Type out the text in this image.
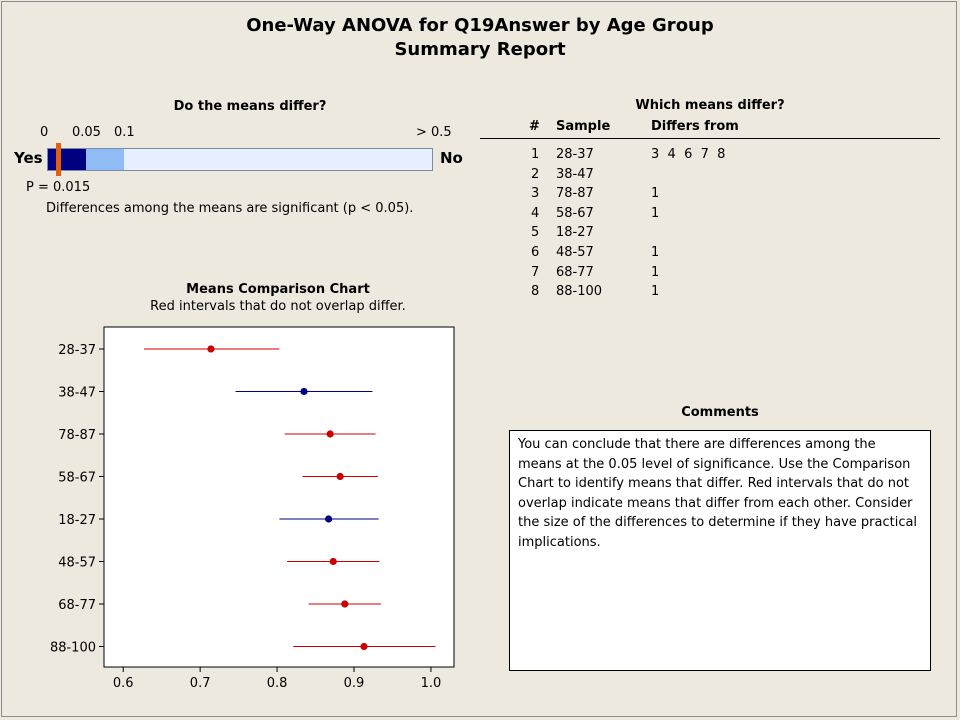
One-Way ANOVA for Q19Answer by Age Group
Summary Report
Do the means differ?
0 0.05 0.1	> 0.5
Yes	No
P = 0.015
Differences among the means are significant (p < 0.05).
Which means differ?
# Sample	Differs from
1 28-37	3  4  6  7  8
2 38-47
3 78-87	1
4 58-67	1
5 18-27
6 48-57	1
7 68-77	1
8 88-100	1
Means Comparison Chart
Red intervals that do not overlap differ.
0.6	0.7	0.8	0.9	1.0
28-37
38-47
78-87
58-67
18-27
48-57
68-77
88-100
Comments
You can conclude that there are differences among the means at the 0.05 level of significance. Use the Comparison Chart to identify means that differ. Red intervals that do not overlap indicate means that differ from each other. Consider the size of the differences to determine if they have practical implications.
